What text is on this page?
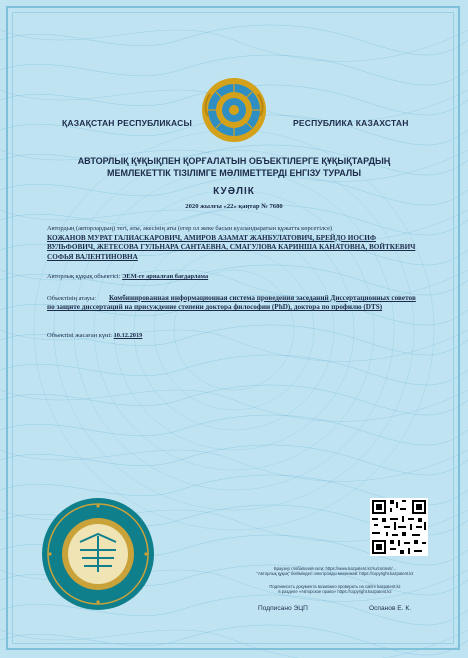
ҚАЗАҚСТАН РЕСПУБЛИКАСЫ	РЕСПУБЛИКА КАЗАХСТАН
АВТОРЛЫҚ ҚҰҚЫҚПЕН ҚОРҒАЛАТЫН ОБЪЕКТІЛЕРГЕ ҚҰҚЫҚТАРДЫҢ
МЕМЛЕКЕТТІК ТІЗІЛІМГЕ МӘЛІМЕТТЕРДІ ЕНГІЗУ ТУРАЛЫ
КУӘЛІК
2020 жылғы «22» қаңтар № 7680
Автордың (авторлардың) тегі, аты, әкесінің аты (егер ол жеке басын куәландыратын құжатта көрсетілсе)
КОЖАНОВ МУРАТ ГАЛИАСКАРОВИЧ, АМИРОВ АЗАМАТ ЖАНБУЛАТОВИЧ, БРЕЙДО ИОСИФ ВУЛЬФОВИЧ, ЖЕТЕСОВА ГУЛЬНАРА САНТАЕВНА, СМАГУЛОВА КАРИНША КАНАТОВНА, ВОЙТКЕВИЧ СОФЬЯ ВАЛЕНТИНОВНА
Авторлық құқық объектісі: ЭЕМ-ге арналған бағдарлама
Объектінің атауы:	Комбинированная информационная система проведения заседаний Диссертационных советов по защите диссертаций на присуждение степени доктора философии (PhD), доктора по профилю (DTS)
Объектіні жасаған күні: 10.12.2019
Браузер глобальной сети: https://www.kazpatent.kz/ru/content/...
"Авторлық құқық" бөліміндегі электронды мекенжай: https://copyright.kazpatent.kz
Подлинность документа возможно проверить на сайте kazpatent.kz
в разделе «Авторское право» https://copyright.kazpatent.kz
Подписано ЭЦП	Оспанов Е. К.
